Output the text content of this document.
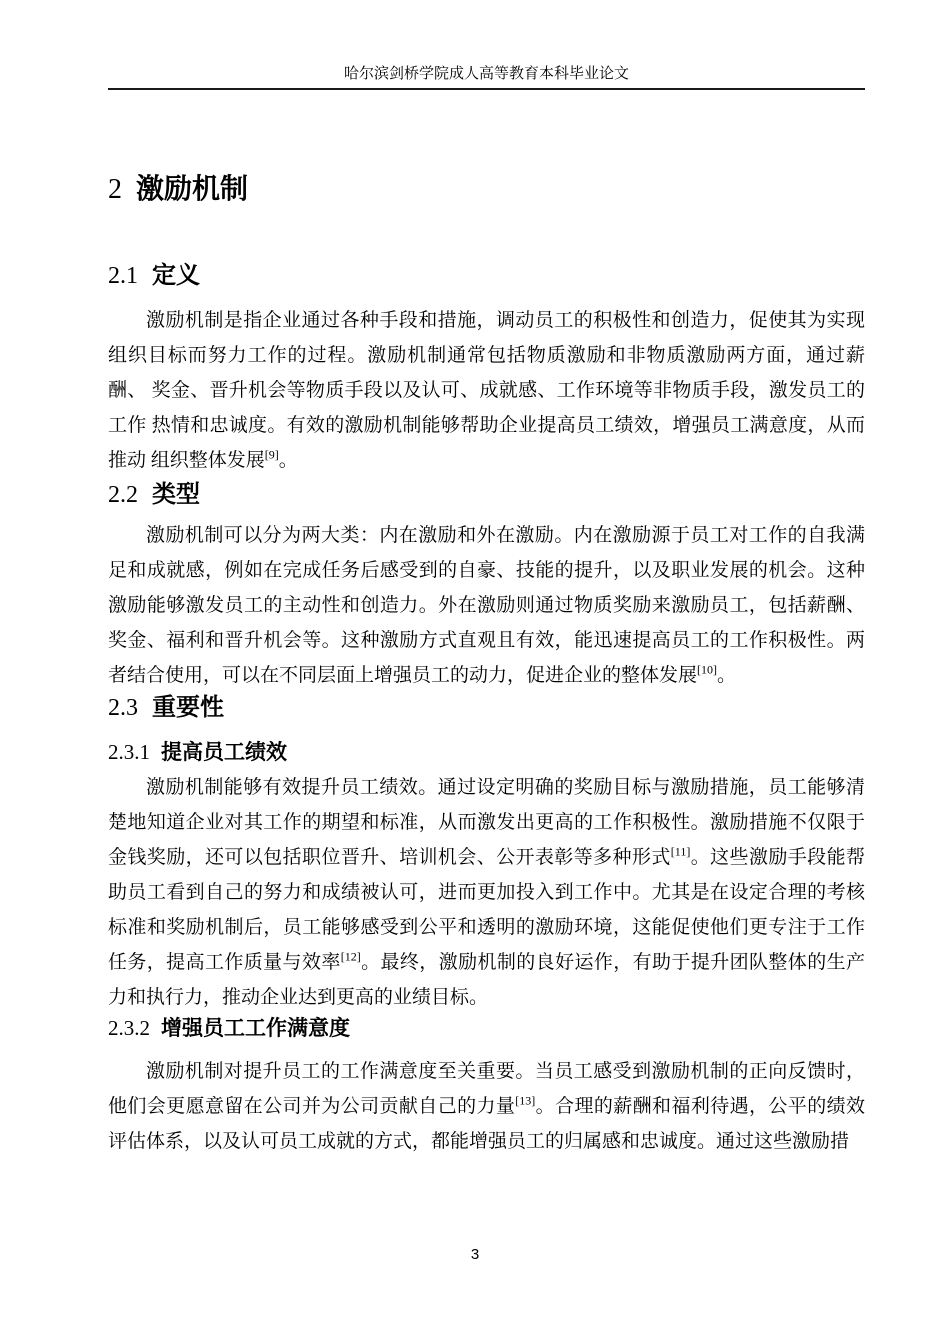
哈尔滨剑桥学院成人高等教育本科毕业论文
2 激励机制
2.1 定义

激励机制是指企业通过各种手段和措施，调动员工的积极性和创造力，促使其为实现组织目标而努力工作的过程。激励机制通常包括物质激励和非物质激励两方面，通过薪酬、 奖金、晋升机会等物质手段以及认可、成就感、工作环境等非物质手段，激发员工的工作 热情和忠诚度。有效的激励机制能够帮助企业提高员工绩效，增强员工满意度，从而推动 组织整体发展[9]。

2.2 类型

激励机制可以分为两大类：内在激励和外在激励。内在激励源于员工对工作的自我满足和成就感，例如在完成任务后感受到的自豪、技能的提升，以及职业发展的机会。这种激励能够激发员工的主动性和创造力。外在激励则通过物质奖励来激励员工，包括薪酬、奖金、福利和晋升机会等。这种激励方式直观且有效，能迅速提高员工的工作积极性。两者结合使用，可以在不同层面上增强员工的动力，促进企业的整体发展[10]。

2.3 重要性
2.3.1 提高员工绩效

激励机制能够有效提升员工绩效。通过设定明确的奖励目标与激励措施，员工能够清楚地知道企业对其工作的期望和标准，从而激发出更高的工作积极性。激励措施不仅限于金钱奖励，还可以包括职位晋升、培训机会、公开表彰等多种形式[11]。这些激励手段能帮 助员工看到自己的努力和成绩被认可，进而更加投入到工作中。尤其是在设定合理的考核 标准和奖励机制后，员工能够感受到公平和透明的激励环境，这能促使他们更专注于工作 任务，提高工作质量与效率[12]。最终，激励机制的良好运作，有助于提升团队整体的生产 力和执行力，推动企业达到更高的业绩目标。

2.3.2 增强员工工作满意度

激励机制对提升员工的工作满意度至关重要。当员工感受到激励机制的正向反馈时，他们会更愿意留在公司并为公司贡献自己的力量[13]。合理的薪酬和福利待遇，公平的绩效 评估体系，以及认可员工成就的方式，都能增强员工的归属感和忠诚度。通过这些激励措

3
